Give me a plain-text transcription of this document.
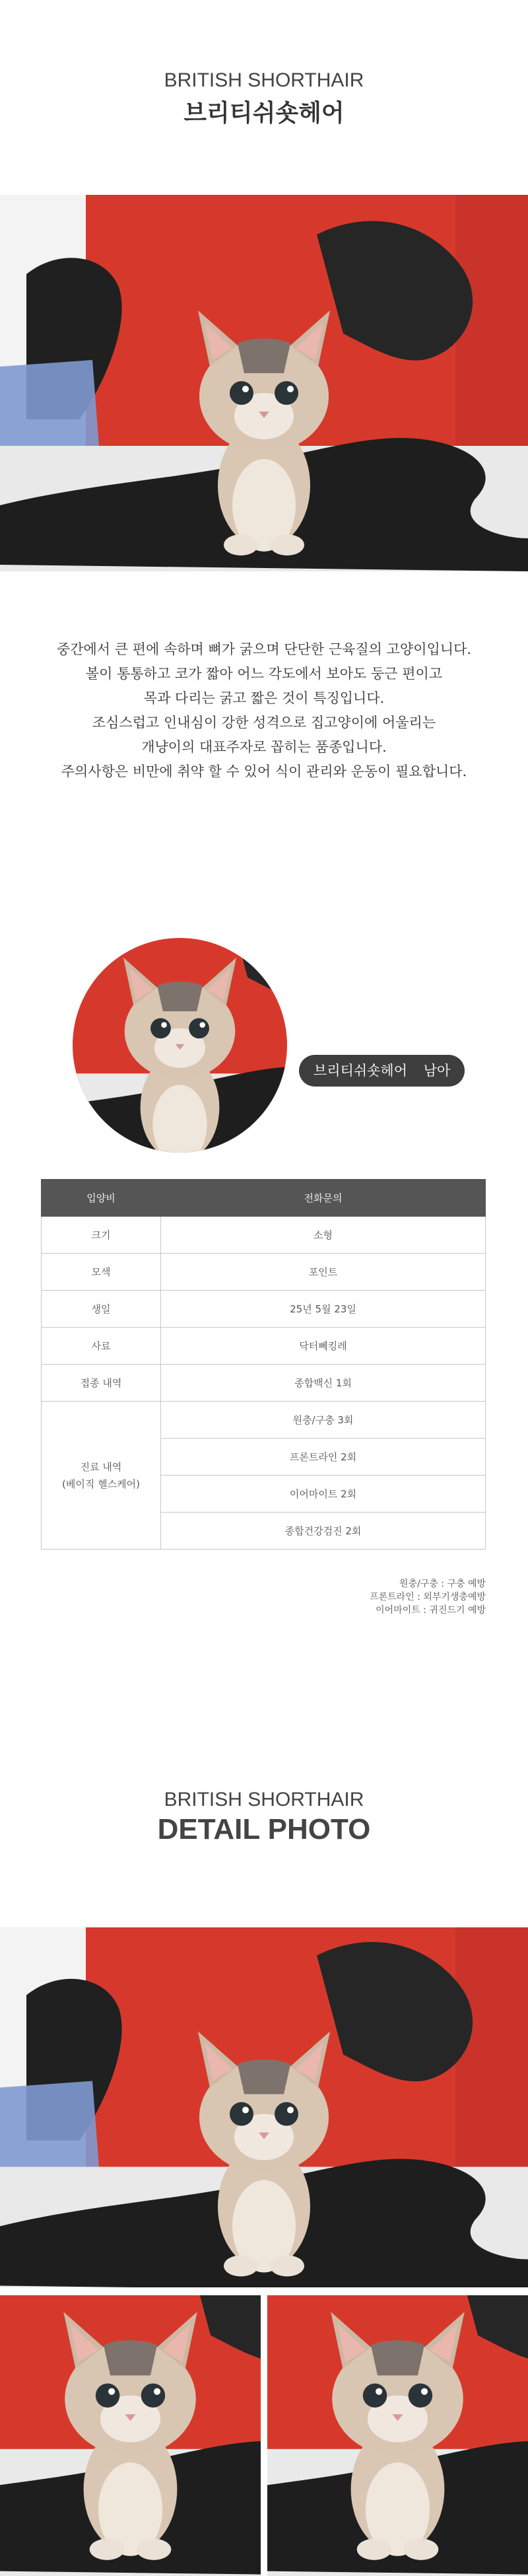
BRITISH SHORTHAIR
브리티쉬숏헤어
중간에서 큰 편에 속하며 뼈가 굵으며 단단한 근육질의 고양이입니다.
볼이 통통하고 코가 짧아 어느 각도에서 보아도 둥근 편이고
목과 다리는 굵고 짧은 것이 특징입니다.
조심스럽고 인내심이 강한 성격으로 집고양이에 어울리는
개냥이의 대표주자로 꼽히는 품종입니다.
주의사항은 비만에 취약 할 수 있어 식이 관리와 운동이 필요합니다.
브리티쉬숏헤어 남아
입양비	전화문의
크기	소형
모색	포인트
생일	25년 5월 23일
사료	닥터뻬킹레
접종 내역	종합백신 1회

진료 내역
(베이직 헬스케어)	원충/구충 3회
	프론트라인 2회
	이어마이트 2회
	종합건강검진 2회
원충/구충 : 구충 예방
프론트라인 : 외부기생충예방
이어마이트 : 귀진드기 예방
BRITISH SHORTHAIR
DETAIL PHOTO
